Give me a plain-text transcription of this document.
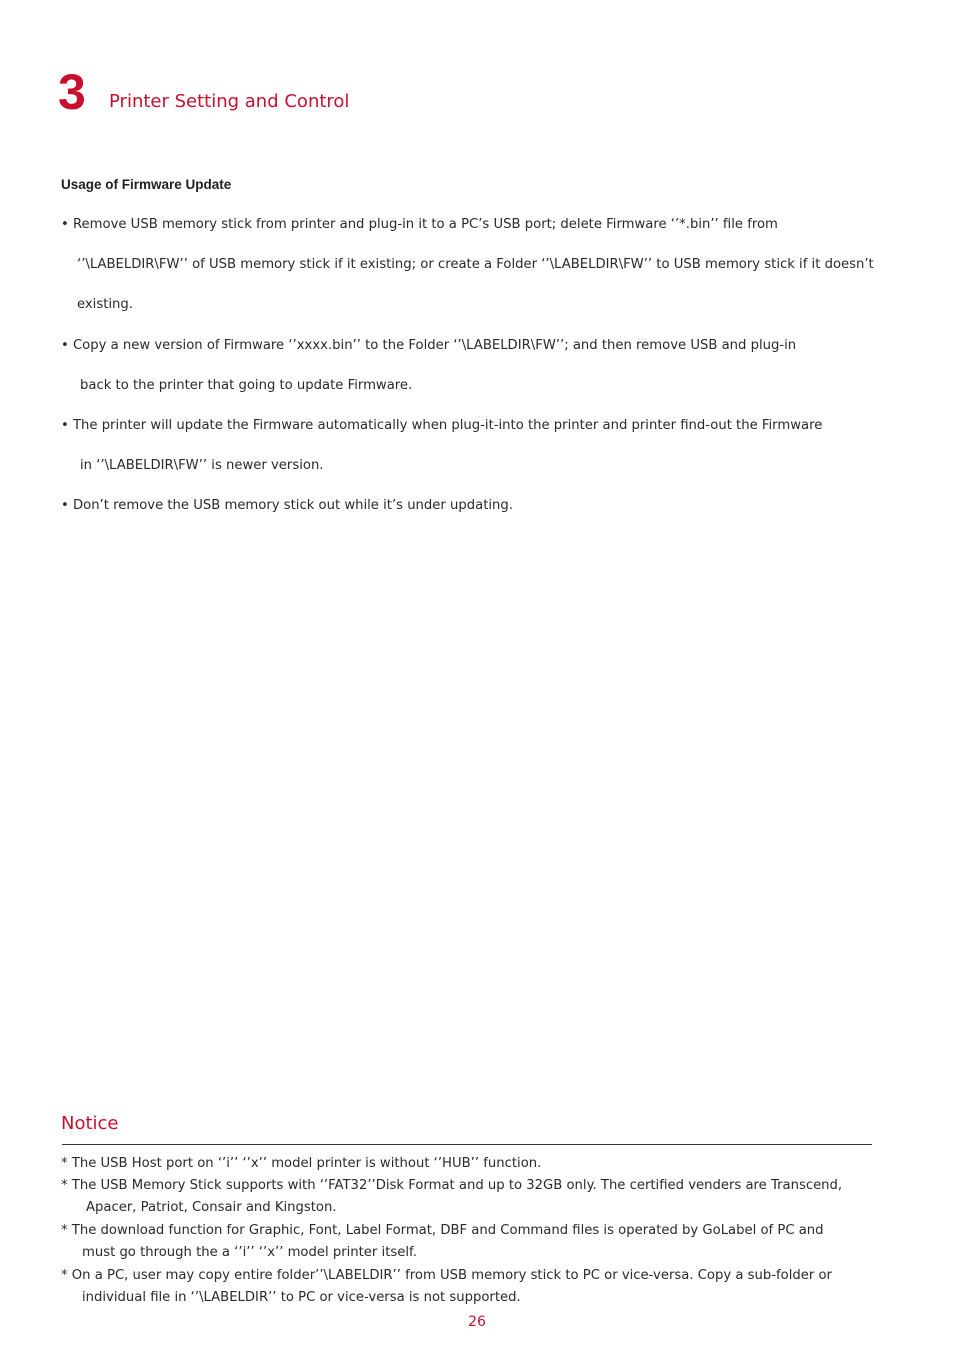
3 Printer Setting and Control
Usage of Firmware Update
• Remove USB memory stick from printer and plug-in it to a PC’s USB port; delete Firmware ‘’*.bin’’ file from
‘’\LABELDIR\FW’’ of USB memory stick if it existing; or create a Folder ‘’\LABELDIR\FW’’ to USB memory stick if it doesn’t
existing.
• Copy a new version of Firmware ‘’xxxx.bin’’ to the Folder ‘’\LABELDIR\FW’’; and then remove USB and plug-in
back to the printer that going to update Firmware.
• The printer will update the Firmware automatically when plug-it-into the printer and printer find-out the Firmware
in ‘’\LABELDIR\FW’’ is newer version.
• Don’t remove the USB memory stick out while it’s under updating.
Notice
* The USB Host port on ‘’i’’ ‘’x’’ model printer is without ‘’HUB’’ function.
* The USB Memory Stick supports with ‘’FAT32’’Disk Format and up to 32GB only. The certified venders are Transcend,
Apacer, Patriot, Consair and Kingston.
* The download function for Graphic, Font, Label Format, DBF and Command files is operated by GoLabel of PC and
must go through the a ‘’i’’ ‘’x’’ model printer itself.
* On a PC, user may copy entire folder’’\LABELDIR’’ from USB memory stick to PC or vice-versa. Copy a sub-folder or
individual file in ‘’\LABELDIR’’ to PC or vice-versa is not supported.
26
